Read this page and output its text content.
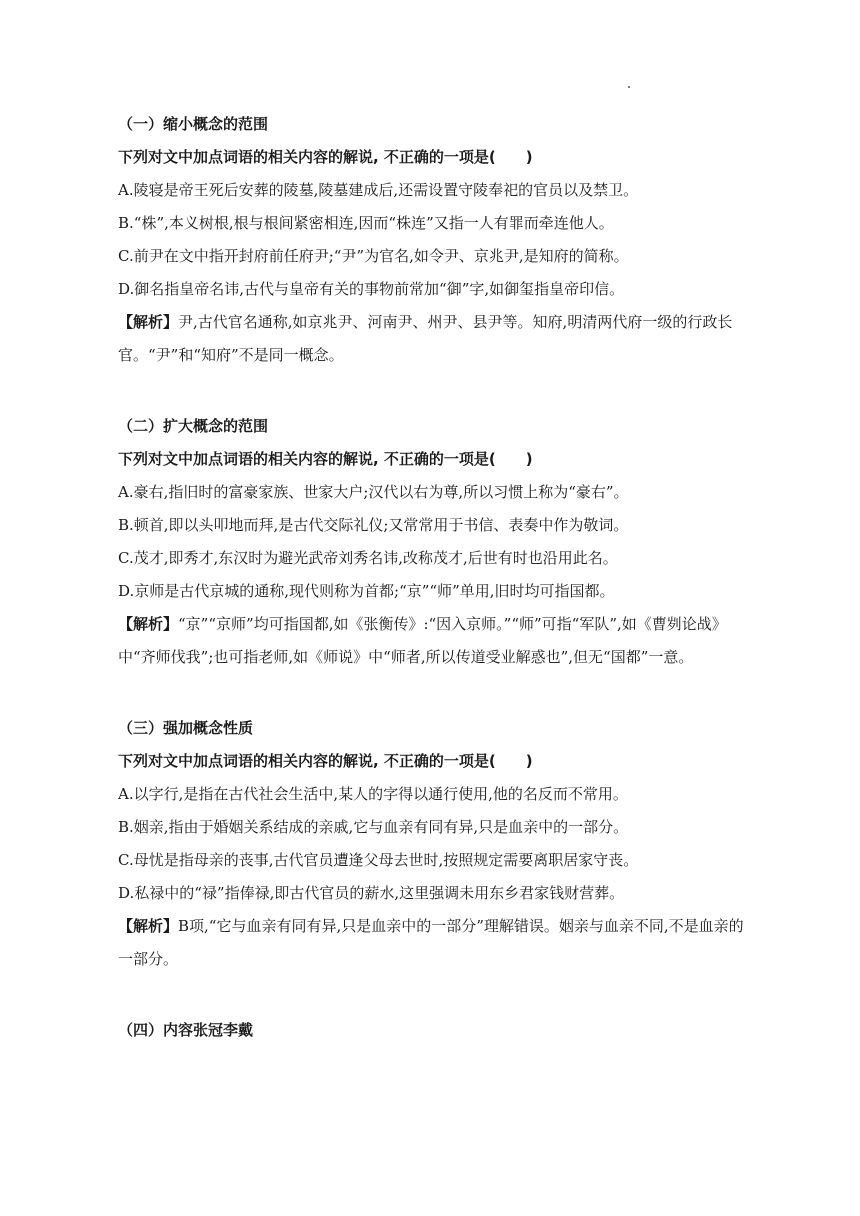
（一）缩小概念的范围
下列对文中加点词语的相关内容的解说, 不正确的一项是(　　)
A.陵寝是帝王死后安葬的陵墓,陵墓建成后,还需设置守陵奉祀的官员以及禁卫。
B.“株”,本义树根,根与根间紧密相连,因而“株连”又指一人有罪而牵连他人。
C.前尹在文中指开封府前任府尹;“尹”为官名,如令尹、京兆尹,是知府的简称。
D.御名指皇帝名讳,古代与皇帝有关的事物前常加“御”字,如御玺指皇帝印信。
【解析】尹,古代官名通称,如京兆尹、河南尹、州尹、县尹等。知府,明清两代府一级的行政长官。“尹”和“知府”不是同一概念。
（二）扩大概念的范围
下列对文中加点词语的相关内容的解说, 不正确的一项是(　　)
A.豪右,指旧时的富豪家族、世家大户;汉代以右为尊,所以习惯上称为“豪右”。
B.顿首,即以头叩地而拜,是古代交际礼仪;又常常用于书信、表奏中作为敬词。
C.茂才,即秀才,东汉时为避光武帝刘秀名讳,改称茂才,后世有时也沿用此名。
D.京师是古代京城的通称,现代则称为首都;“京”“师”单用,旧时均可指国都。
【解析】“京”“京师”均可指国都,如《张衡传》:“因入京师。”“师”可指“军队”,如《曹刿论战》中“齐师伐我”;也可指老师,如《师说》中“师者,所以传道受业解惑也”,但无“国都”一意。
（三）强加概念性质
下列对文中加点词语的相关内容的解说, 不正确的一项是(　　)
A.以字行,是指在古代社会生活中,某人的字得以通行使用,他的名反而不常用。
B.姻亲,指由于婚姻关系结成的亲戚,它与血亲有同有异,只是血亲中的一部分。
C.母忧是指母亲的丧事,古代官员遭逢父母去世时,按照规定需要离职居家守丧。
D.私禄中的“禄”指俸禄,即古代官员的薪水,这里强调未用东乡君家钱财营葬。
【解析】B项,“它与血亲有同有异,只是血亲中的一部分”理解错误。姻亲与血亲不同,不是血亲的一部分。
（四）内容张冠李戴
